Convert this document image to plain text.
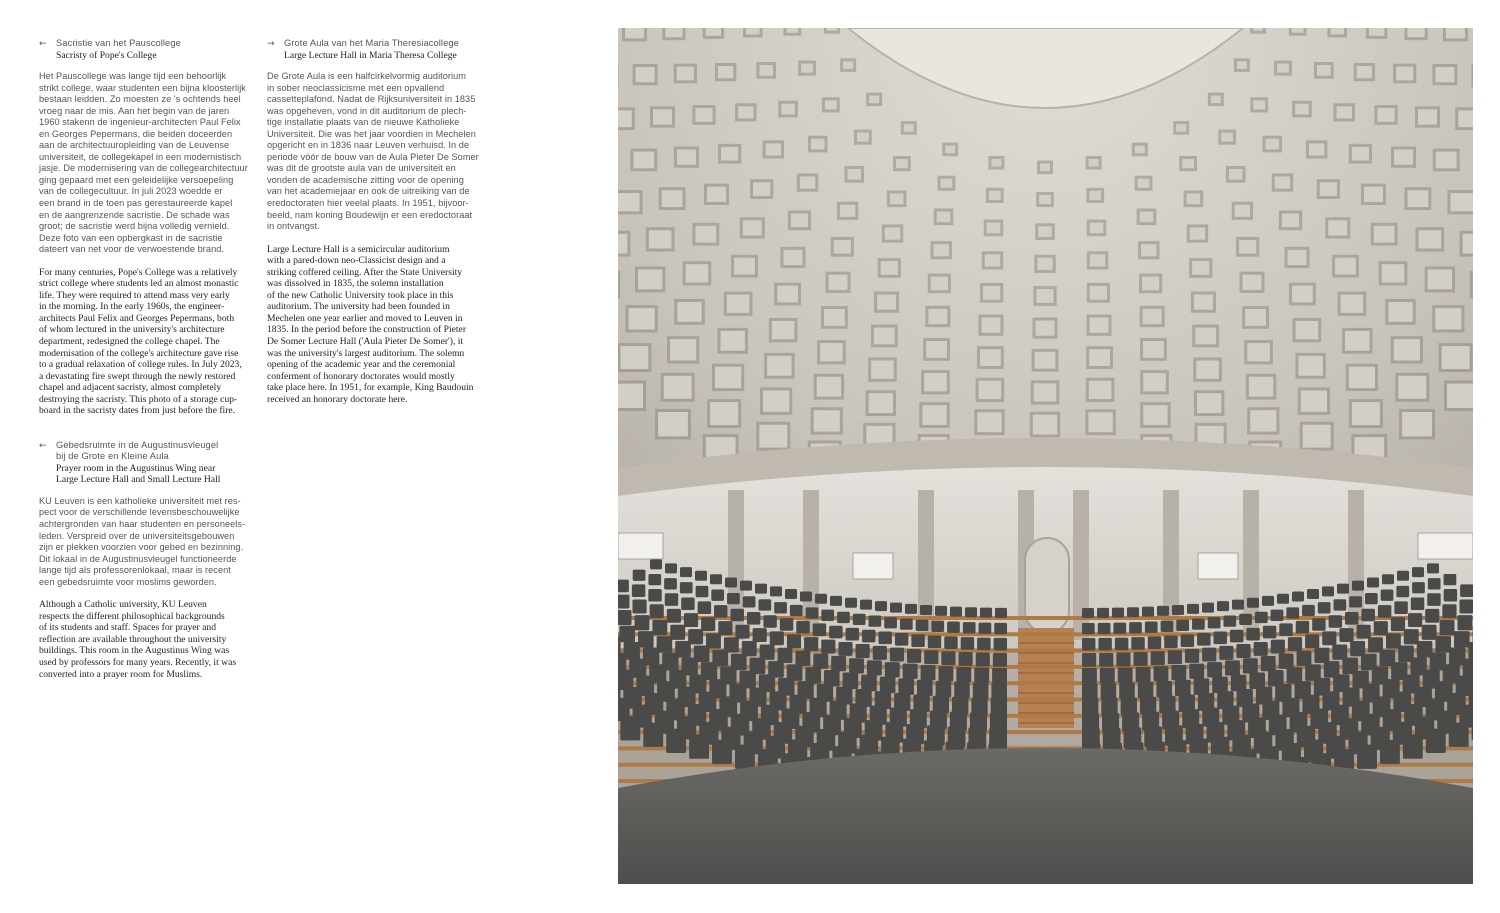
← Sacristie van het Pauscollege
Sacristy of Pope's College

Het Pauscollege was lange tijd een behoorlijk
strikt college, waar studenten een bijna kloosterlijk
bestaan leidden. Zo moesten ze 's ochtends heel
vroeg naar de mis. Aan het begin van de jaren
1960 stakenn de ingenieur-architecten Paul Felix
en Georges Pepermans, die beiden doceerden
aan de architectuuropleiding van de Leuvense
universiteit, de collegekapel in een modernistisch
jasje. De modernisering van de collegearchitectuur
ging gepaard met een geleidelijke versoepeling
van de collegecultuur. In juli 2023 woedde er
een brand in de toen pas gerestaureerde kapel
en de aangrenzende sacristie. De schade was
groot; de sacristie werd bijna volledig vernield.
Deze foto van een opbergkast in de sacristie
dateert van net voor de verwoestende brand.

For many centuries, Pope's College was a relatively
strict college where students led an almost monastic
life. They were required to attend mass very early
in the morning. In the early 1960s, the engineer-
architects Paul Felix and Georges Pepermans, both
of whom lectured in the university's architecture
department, redesigned the college chapel. The
modernisation of the college's architecture gave rise
to a gradual relaxation of college rules. In July 2023,
a devastating fire swept through the newly restored
chapel and adjacent sacristy, almost completely
destroying the sacristy. This photo of a storage cup-
board in the sacristy dates from just before the fire.

← Gebedsruimte in de Augustinusvleugel
bij de Grote en Kleine Aula
Prayer room in the Augustinus Wing near
Large Lecture Hall and Small Lecture Hall

KU Leuven is een katholieke universiteit met res-
pect voor de verschillende levensbeschouwelijke
achtergronden van haar studenten en personeels-
leden. Verspreid over de universiteitsgebouwen
zijn er plekken voorzien voor gebed en bezinning.
Dit lokaal in de Augustinusvleugel functioneerde
lange tijd als professorenlokaal, maar is recent
een gebedsruimte voor moslims geworden.

Although a Catholic university, KU Leuven
respects the different philosophical backgrounds
of its students and staff. Spaces for prayer and
reflection are available throughout the university
buildings. This room in the Augustinus Wing was
used by professors for many years. Recently, it was
converted into a prayer room for Muslims.

→ Grote Aula van het Maria Theresiacollege
Large Lecture Hall in Maria Theresa College

De Grote Aula is een halfcirkelvormig auditorium
in sober neoclassicisme met een opvallend
cassetteplafond. Nadat de Rijksuniversiteit in 1835
was opgeheven, vond in dit auditorium de plech-
tige installatie plaats van de nieuwe Katholieke
Universiteit. Die was het jaar voordien in Mechelen
opgericht en in 1836 naar Leuven verhuisd. In de
periode vóór de bouw van de Aula Pieter De Somer
was dit de grootste aula van de universiteit en
vonden de academische zitting voor de opening
van het academiejaar en ook de uitreiking van de
eredoctoraten hier veelal plaats. In 1951, bijvoor-
beeld, nam koning Boudewijn er een eredoctoraat
in ontvangst.

Large Lecture Hall is a semicircular auditorium
with a pared-down neo-Classicist design and a
striking coffered ceiling. After the State University
was dissolved in 1835, the solemn installation
of the new Catholic University took place in this
auditorium. The university had been founded in
Mechelen one year earlier and moved to Leuven in
1835. In the period before the construction of Pieter
De Somer Lecture Hall ('Aula Pieter De Somer'), it
was the university's largest auditorium. The solemn
opening of the academic year and the ceremonial
conferment of honorary doctorates would mostly
take place here. In 1951, for example, King Baudouin
received an honorary doctorate here.
